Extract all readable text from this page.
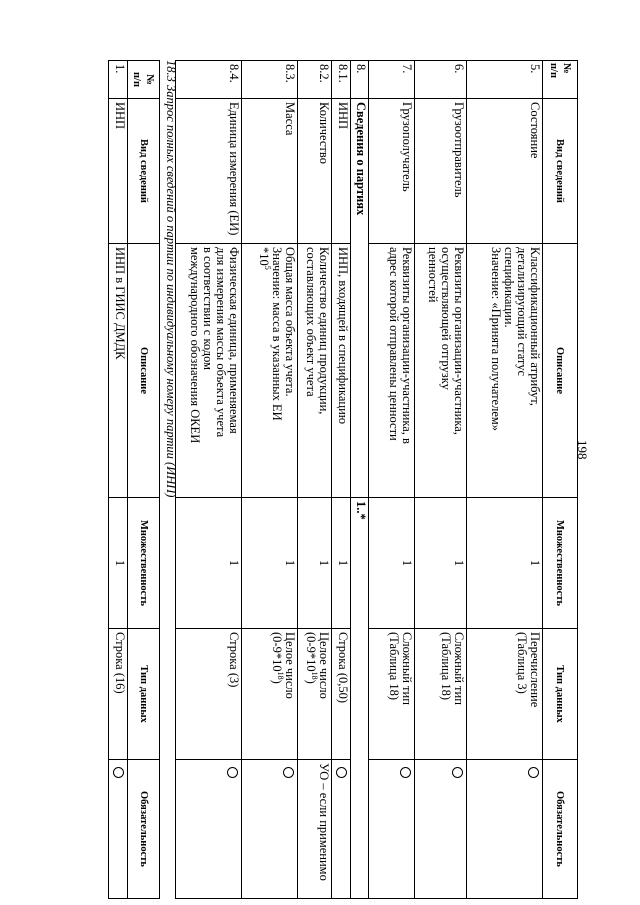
198
№
п/п	Вид сведений	Описание	Множественность	Тип данных	Обязательность
5.	Состояние	Классификационный атрибут,
детализирующий статус
спецификации.
Значение: «Принята получателем»	1	Перечисление
(Таблица 3)	

6.	Грузоотправитель	Реквизиты организации-участника,
осуществляющей отгрузку
ценностей	1	Сложный тип
(Таблица 18)	

7.	Грузополучатель	Реквизиты организации-участника, в
адрес которой отправлены ценности	1	Сложный тип
(Таблица 18)	

8.	Сведения о партиях		1..*		
8.1.	ИНП	ИНП, входящей в спецификацию	1	Строка (0,50)	

8.2.	Количество	Количество единиц продукции,
составляющих объект учета	1	Целое число
$(0-9*10^{18})$	УО – если применимо
8.3.	Масса	Общая масса объекта учета.
Значение: масса в указанных ЕИ
$*10^5$	1	Целое число
$(0-9*10^{18})$	

8.4.	Единица измерения (ЕИ)	Физическая единица, применяемая
для измерения массы объекта учета
в соответствии с кодом
международного обозначения ОКЕИ	1	Строка (3)	

18.3 Запрос полных сведений о партии по индивидуальному номеру партии (ИНП)
№
п/п	Вид сведений	Описание	Множественность	Тип данных	Обязательность
1.	ИНП	ИНП в ГИИС ДМДК	1	Строка (16)	
